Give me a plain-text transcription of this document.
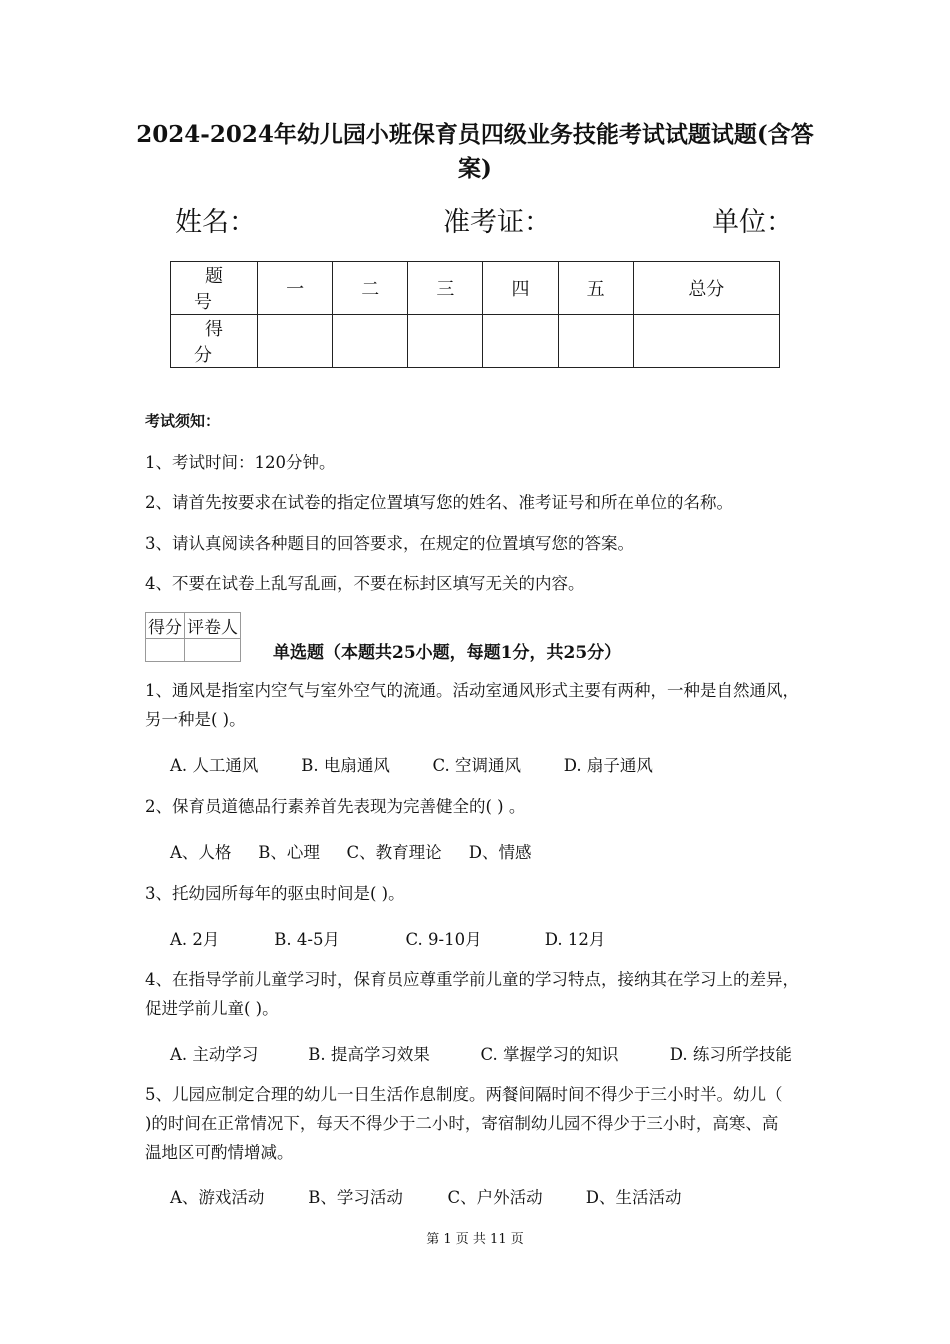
2024-2024年幼儿园小班保育员四级业务技能考试试题试题(含答案)
姓名：	准考证：	单位：
题 号	一	二	三	四	五	总分
得 分						
考试须知：
1、考试时间：120分钟。
2、请首先按要求在试卷的指定位置填写您的姓名、准考证号和所在单位的名称。
3、请认真阅读各种题目的回答要求，在规定的位置填写您的答案。
4、不要在试卷上乱写乱画，不要在标封区填写无关的内容。
得分	评卷人

单选题（本题共25小题，每题1分，共25分）
1、通风是指室内空气与室外空气的流通。活动室通风形式主要有两种，一种是自然通风，
另一种是( )。
A. 人工通风	B. 电扇通风	C. 空调通风	D. 扇子通风
2、保育员道德品行素养首先表现为完善健全的( ) 。
A、人格 B、心理 C、教育理论 D、情感
3、托幼园所每年的驱虫时间是( )。
A. 2月	B. 4-5月	C. 9-10月	D. 12月
4、在指导学前儿童学习时，保育员应尊重学前儿童的学习特点，接纳其在学习上的差异，
促进学前儿童( )。
A. 主动学习	B. 提高学习效果	C. 掌握学习的知识	D. 练习所学技能
5、儿园应制定合理的幼儿一日生活作息制度。两餐间隔时间不得少于三小时半。幼儿（
)的时间在正常情况下，每天不得少于二小时，寄宿制幼儿园不得少于三小时，高寒、高
温地区可酌情增减。
A、游戏活动	B、学习活动	C、户外活动	D、生活活动
第 1 页 共 11 页
